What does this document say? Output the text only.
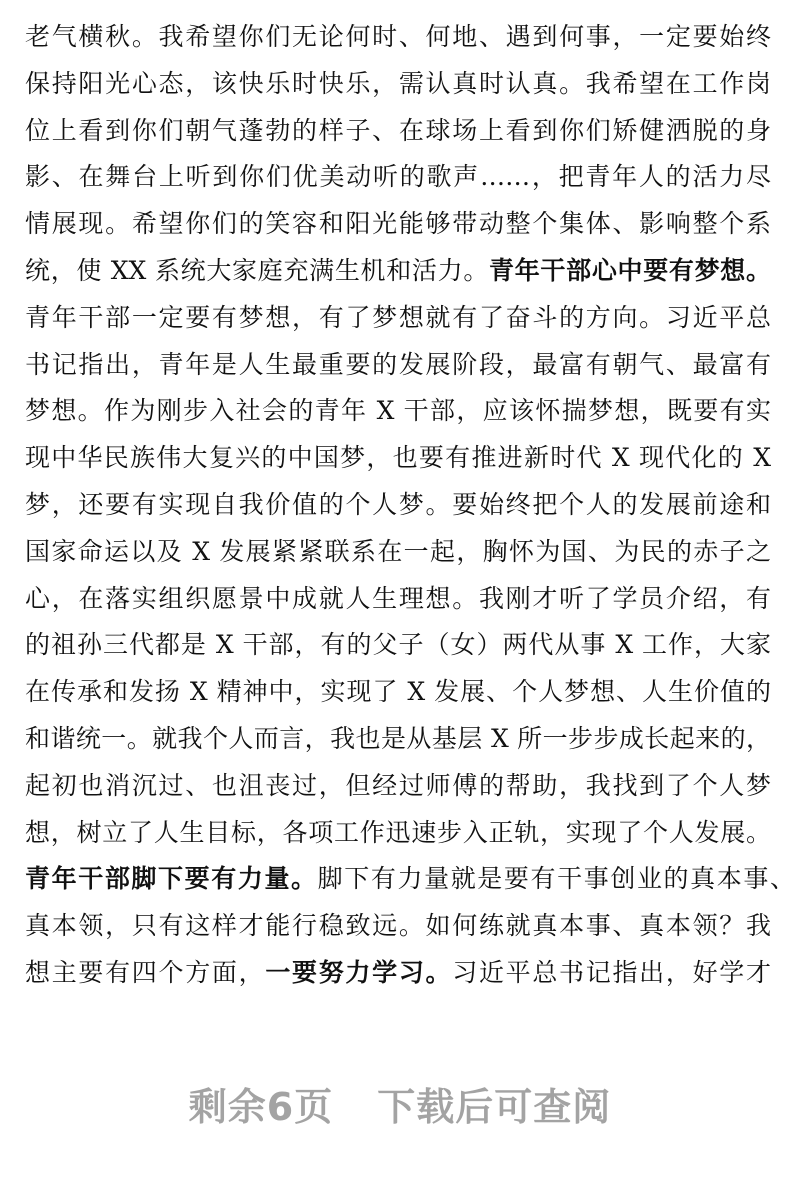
老气横秋。我希望你们无论何时、何地、遇到何事，一定要始终
保持阳光心态，该快乐时快乐，需认真时认真。我希望在工作岗
位上看到你们朝气蓬勃的样子、在球场上看到你们矫健洒脱的身
影、在舞台上听到你们优美动听的歌声……，把青年人的活力尽
情展现。希望你们的笑容和阳光能够带动整个集体、影响整个系
统，使 XX 系统大家庭充满生机和活力。青年干部心中要有梦想。
青年干部一定要有梦想，有了梦想就有了奋斗的方向。习近平总
书记指出，青年是人生最重要的发展阶段，最富有朝气、最富有
梦想。作为刚步入社会的青年 X 干部，应该怀揣梦想，既要有实
现中华民族伟大复兴的中国梦，也要有推进新时代 X 现代化的 X
梦，还要有实现自我价值的个人梦。要始终把个人的发展前途和
国家命运以及 X 发展紧紧联系在一起，胸怀为国、为民的赤子之
心，在落实组织愿景中成就人生理想。我刚才听了学员介绍，有
的祖孙三代都是 X 干部，有的父子（女）两代从事 X 工作，大家
在传承和发扬 X 精神中，实现了 X 发展、个人梦想、人生价值的
和谐统一。就我个人而言，我也是从基层 X 所一步步成长起来的，
起初也消沉过、也沮丧过，但经过师傅的帮助，我找到了个人梦
想，树立了人生目标，各项工作迅速步入正轨，实现了个人发展。
青年干部脚下要有力量。脚下有力量就是要有干事创业的真本事、
真本领，只有这样才能行稳致远。如何练就真本事、真本领？我
想主要有四个方面，一要努力学习。习近平总书记指出，好学才
剩余6页 下载后可查阅
